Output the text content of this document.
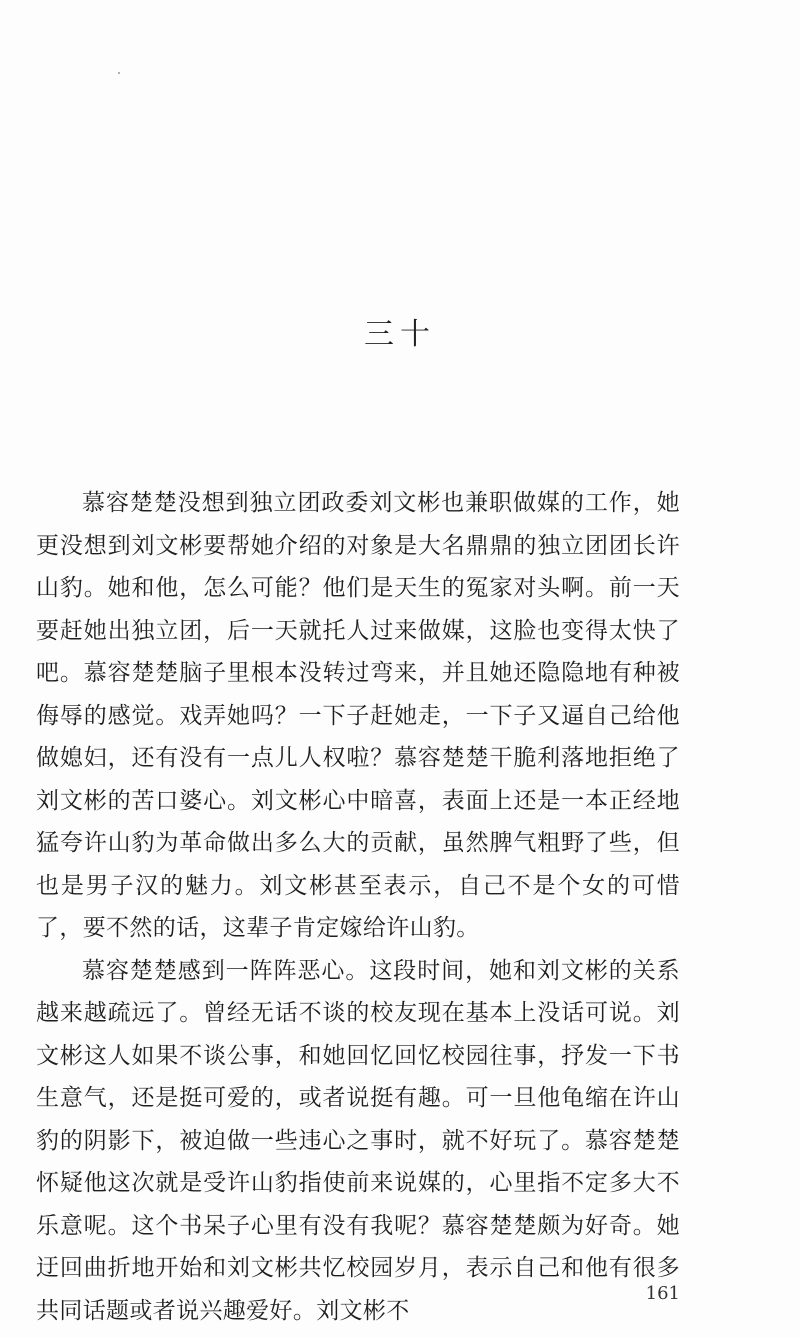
三十

慕容楚楚没想到独立团政委刘文彬也兼职做媒的工作，她更没想到刘文彬要帮她介绍的对象是大名鼎鼎的独立团团长许山豹。她和他，怎么可能？他们是天生的冤家对头啊。前一天要赶她出独立团，后一天就托人过来做媒，这脸也变得太快了吧。慕容楚楚脑子里根本没转过弯来，并且她还隐隐地有种被侮辱的感觉。戏弄她吗？一下子赶她走，一下子又逼自己给他做媳妇，还有没有一点儿人权啦？慕容楚楚干脆利落地拒绝了刘文彬的苦口婆心。刘文彬心中暗喜，表面上还是一本正经地猛夸许山豹为革命做出多么大的贡献，虽然脾气粗野了些，但也是男子汉的魅力。刘文彬甚至表示，自己不是个女的可惜了，要不然的话，这辈子肯定嫁给许山豹。

慕容楚楚感到一阵阵恶心。这段时间，她和刘文彬的关系越来越疏远了。曾经无话不谈的校友现在基本上没话可说。刘文彬这人如果不谈公事，和她回忆回忆校园往事，抒发一下书生意气，还是挺可爱的，或者说挺有趣。可一旦他龟缩在许山豹的阴影下，被迫做一些违心之事时，就不好玩了。慕容楚楚怀疑他这次就是受许山豹指使前来说媒的，心里指不定多大不乐意呢。这个书呆子心里有没有我呢？慕容楚楚颇为好奇。她迂回曲折地开始和刘文彬共忆校园岁月，表示自己和他有很多共同话题或者说兴趣爱好。刘文彬不

161
